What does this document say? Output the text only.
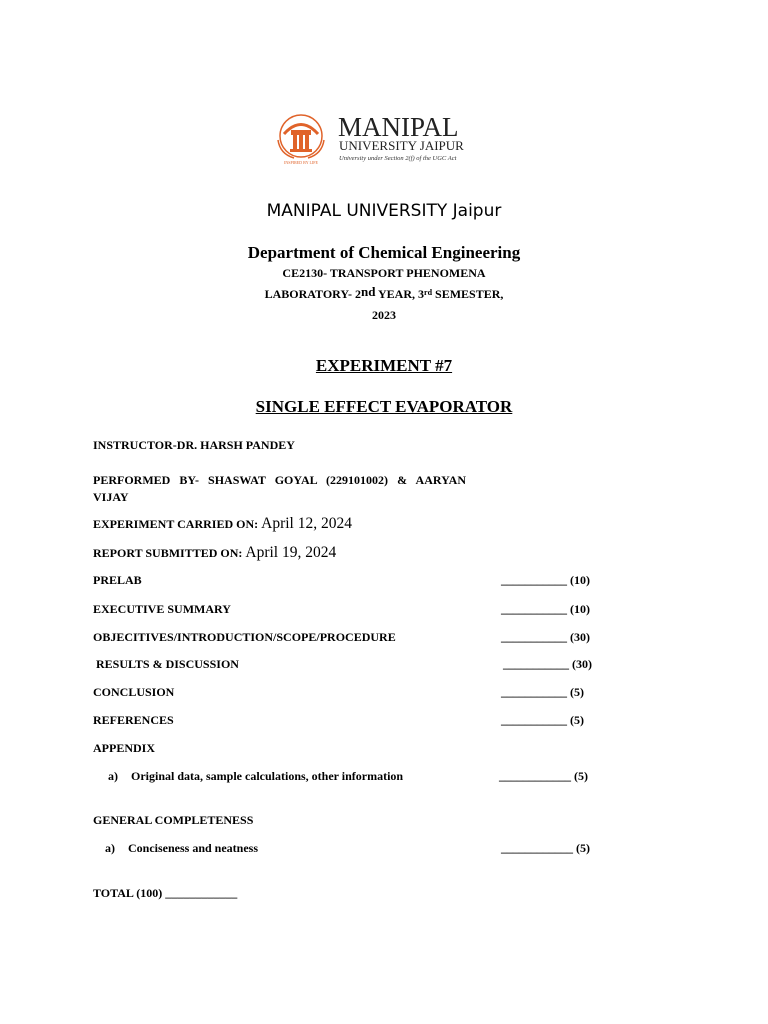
INSPIRED BY LIFE
MANIPAL
UNIVERSITY JAIPUR
University under Section 2(f) of the UGC Act
MANIPAL UNIVERSITY Jaipur
Department of Chemical Engineering
CE2130- TRANSPORT PHENOMENA
LABORATORY- 2nd YEAR, 3rd SEMESTER,
2023
EXPERIMENT #7
SINGLE EFFECT EVAPORATOR
INSTRUCTOR-DR. HARSH PANDEY
PERFORMED BY- SHASWAT GOYAL (229101002) & AARYAN VIJAY
EXPERIMENT CARRIED ON: April 12, 2024
REPORT SUBMITTED ON: April 19, 2024
PRELAB	___________ (10)
EXECUTIVE SUMMARY	___________ (10)
OBJECITIVES/INTRODUCTION/SCOPE/PROCEDURE	___________ (30)
RESULTS & DISCUSSION	___________ (30)
CONCLUSION	___________ (5)
REFERENCES	___________ (5)
APPENDIX
a) Original data, sample calculations, other information	____________ (5)
GENERAL COMPLETENESS
a) Conciseness and neatness	____________ (5)
TOTAL (100) ____________
